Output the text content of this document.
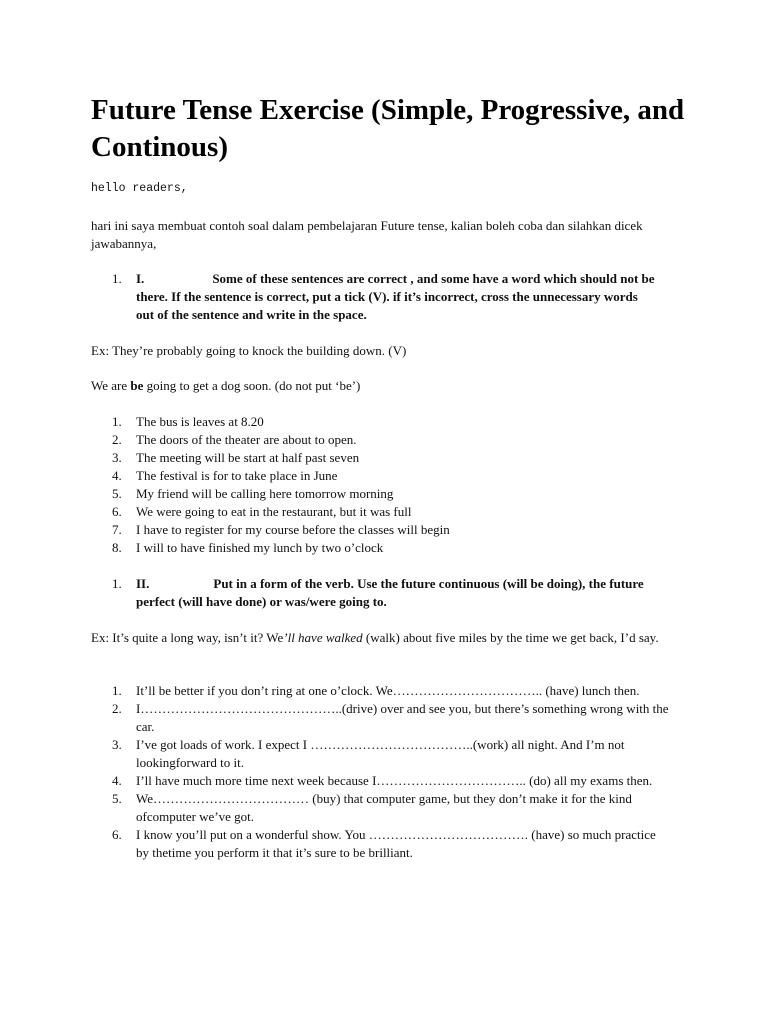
Future Tense Exercise (Simple, Progressive, and Continous)

hello readers,

hari ini saya membuat contoh soal dalam pembelajaran Future tense, kalian boleh coba dan silahkan dicek jawabannya,

1. I.	Some of these sentences are correct , and some have a word which should not be there. If the sentence is correct, put a tick (V). if it’s incorrect, cross the unnecessary words out of the sentence and write in the space.

Ex: They’re probably going to knock the building down. (V)

We are be going to get a dog soon. (do not put ‘be’)

1. The bus is leaves at 8.20
2. The doors of the theater are about to open.
3. The meeting will be start at half past seven
4. The festival is for to take place in June
5. My friend will be calling here tomorrow morning
6. We were going to eat in the restaurant, but it was full
7. I have to register for my course before the classes will begin
8. I will to have finished my lunch by two o’clock
1. II.	Put in a form of the verb. Use the future continuous (will be doing), the future perfect (will have done) or was/were going to.

Ex: It’s quite a long way, isn’t it? We’ll have walked (walk) about five miles by the time we get back, I’d say.

1. It’ll be better if you don’t ring at one o’clock. We…………………………….. (have) lunch then.
2. I………………………………………..(drive) over and see you, but there’s something wrong with the car.
3. I’ve got loads of work. I expect I ………………………………..(work) all night. And I’m not lookingforward to it.
4. I’ll have much more time next week because I…………………………….. (do) all my exams then.
5. We……………………………… (buy) that computer game, but they don’t make it for the kind ofcomputer we’ve got.
6. I know you’ll put on a wonderful show. You ………………………………. (have) so much practice by thetime you perform it that it’s sure to be brilliant.
